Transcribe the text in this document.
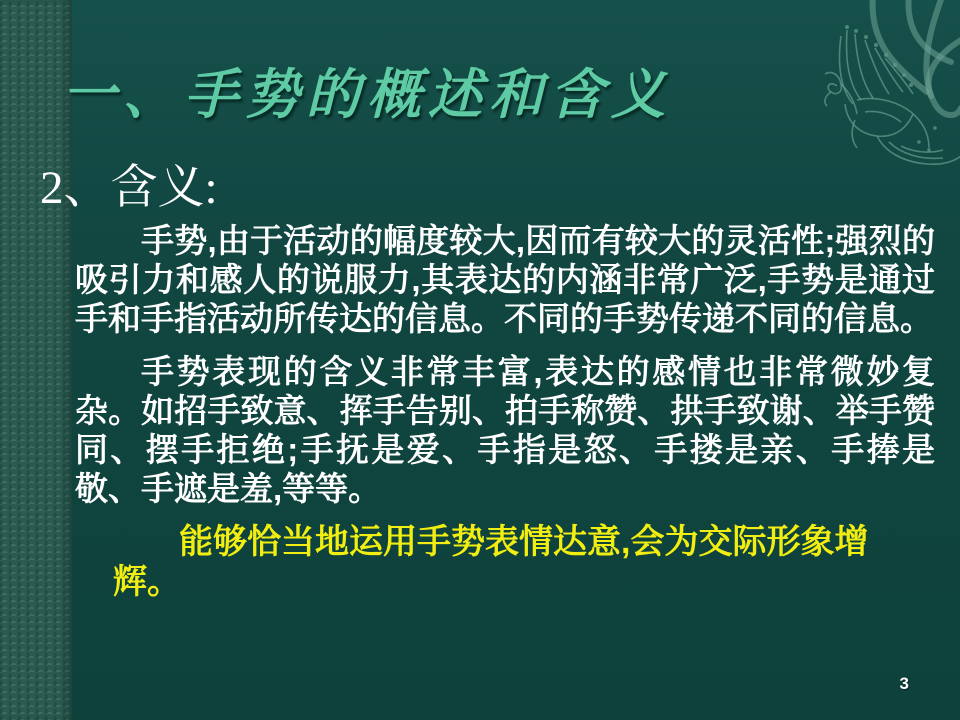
一、手势的概述和含义
2、含义:

手势,由于活动的幅度较大,因而有较大的灵活性;强烈的吸引力和感人的说服力,其表达的内涵非常广泛,手势是通过手和手指活动所传达的信息。不同的手势传递不同的信息。

手势表现的含义非常丰富,表达的感情也非常微妙复杂。如招手致意、挥手告别、拍手称赞、拱手致谢、举手赞同、摆手拒绝;手抚是爱、手指是怒、手搂是亲、手捧是敬、手遮是羞,等等。

能够恰当地运用手势表情达意,会为交际形象增辉。

3
